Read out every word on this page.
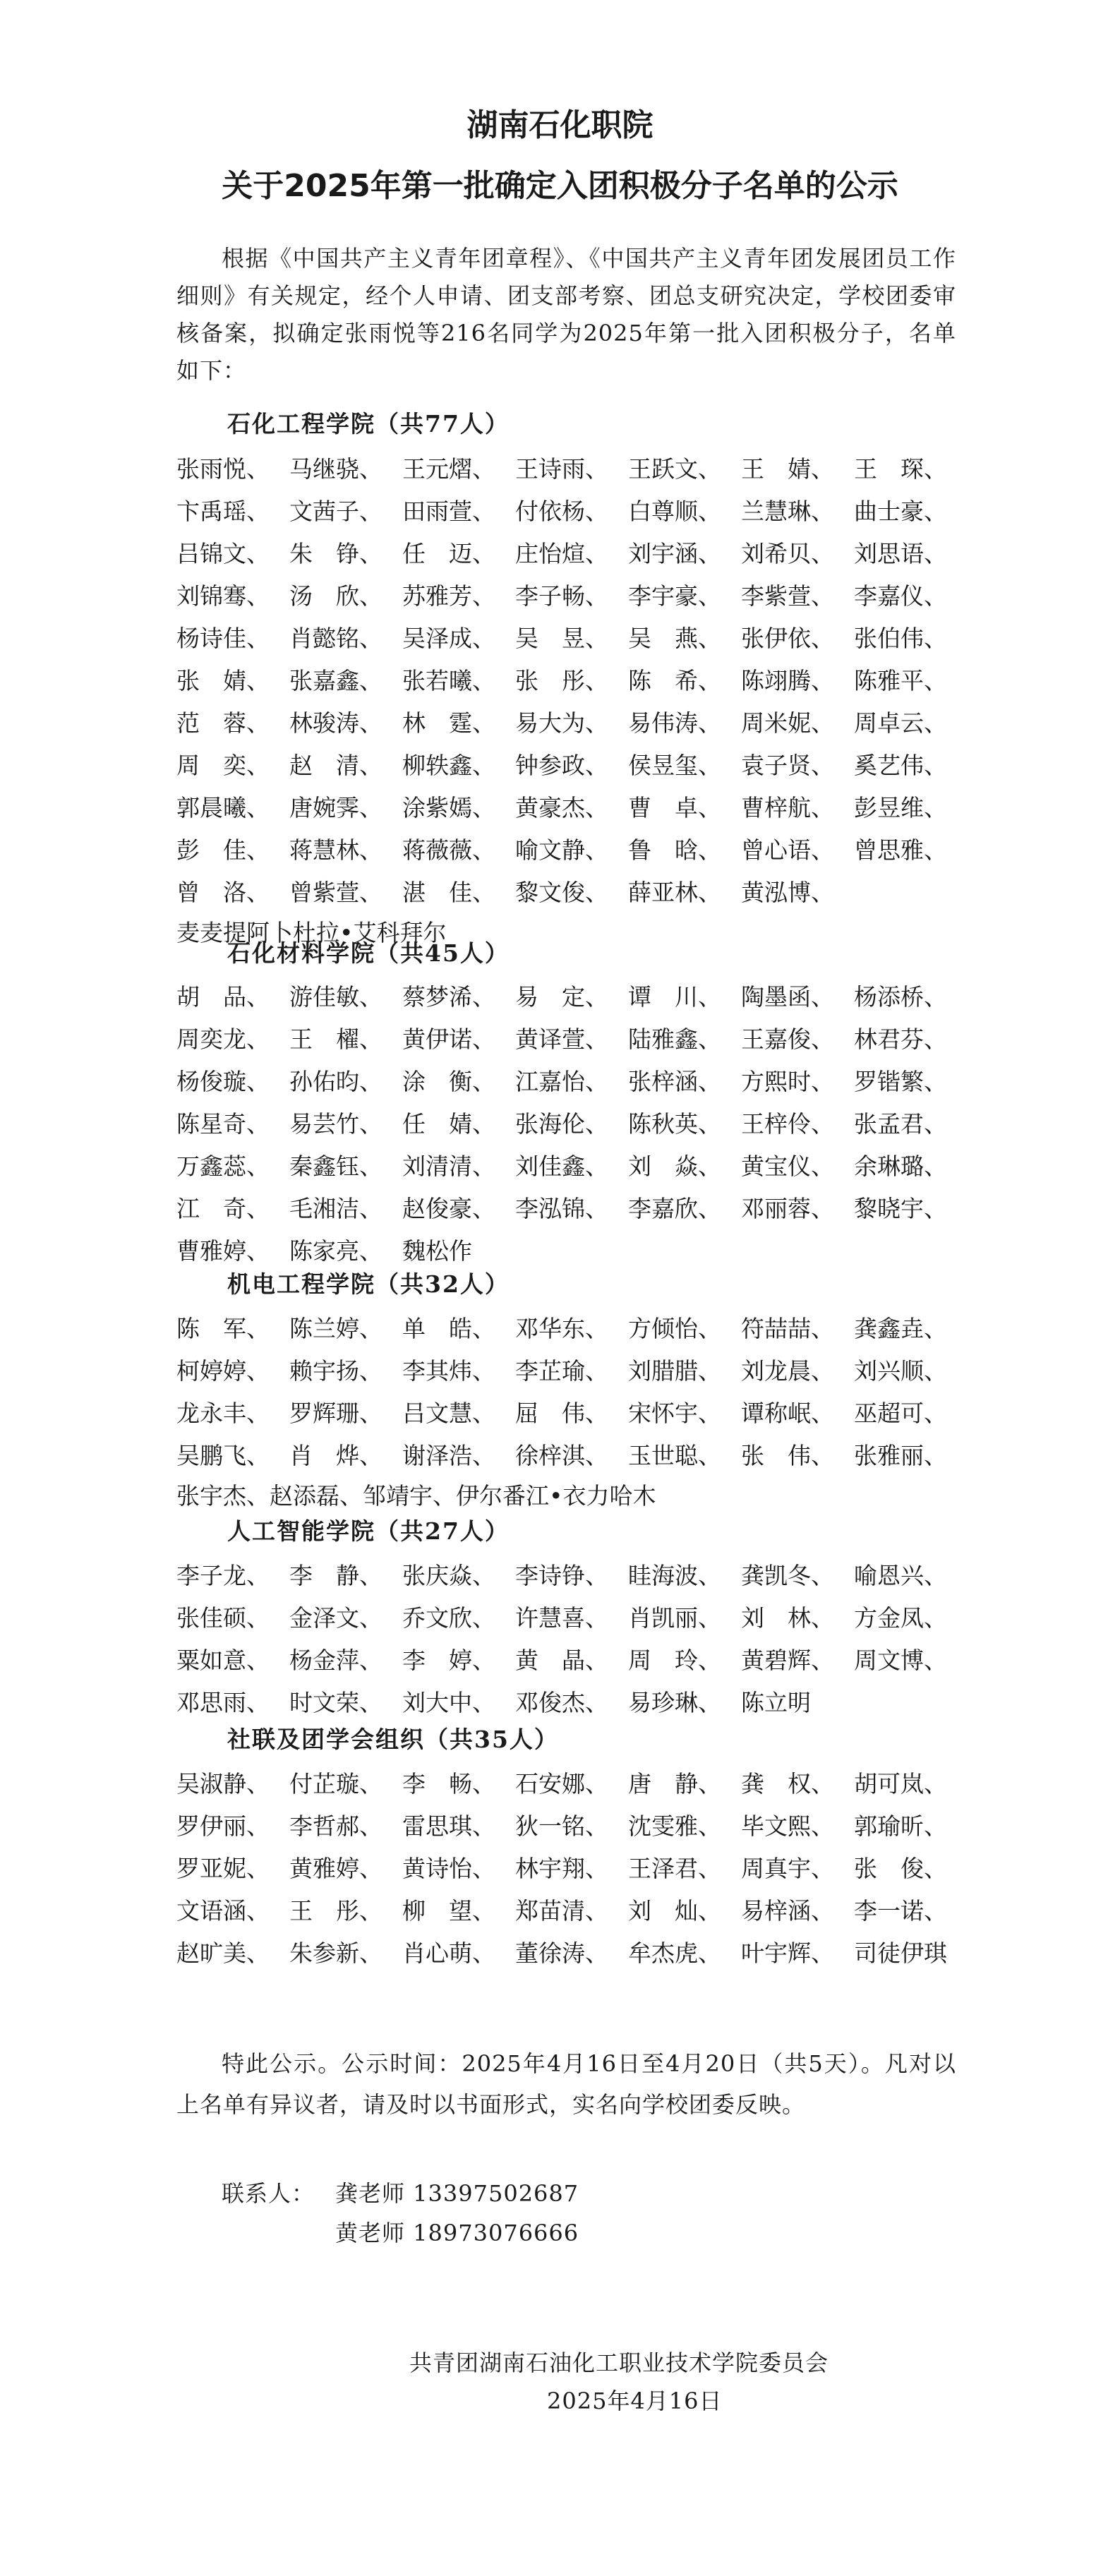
湖南石化职院
关于2025年第一批确定入团积极分子名单的公示
根据《中国共产主义青年团章程》、《中国共产主义青年团发展团员工作细则》有关规定，经个人申请、团支部考察、团总支研究决定，学校团委审核备案，拟确定张雨悦等216名同学为2025年第一批入团积极分子，名单如下：
石化工程学院（共77人）
张雨悦、 马继骁、 王元熠、 王诗雨、 王跃文、 王　婧、 王　琛、
卞禹瑶、 文茜子、 田雨萱、 付依杨、 白尊顺、 兰慧琳、 曲士豪、
吕锦文、 朱　铮、 任　迈、 庄怡煊、 刘宇涵、 刘希贝、 刘思语、
刘锦骞、 汤　欣、 苏雅芳、 李子畅、 李宇豪、 李紫萱、 李嘉仪、
杨诗佳、 肖懿铭、 吴泽成、 吴　昱、 吴　燕、 张伊依、 张伯伟、
张　婧、 张嘉鑫、 张若曦、 张　彤、 陈　希、 陈翊腾、 陈雅平、
范　蓉、 林骏涛、 林　霆、 易大为、 易伟涛、 周米妮、 周卓云、
周　奕、 赵　清、 柳轶鑫、 钟参政、 侯昱玺、 袁子贤、 奚艺伟、
郭晨曦、 唐婉霁、 涂紫嫣、 黄豪杰、 曹　卓、 曹梓航、 彭昱维、
彭　佳、 蒋慧林、 蒋薇薇、 喻文静、 鲁　晗、 曾心语、 曾思雅、
曾　洛、 曾紫萱、 湛　佳、 黎文俊、 薛亚林、 黄泓博、
麦麦提阿卜杜拉•艾科拜尔
石化材料学院（共45人）
胡　品、 游佳敏、 蔡梦浠、 易　定、 谭　川、 陶墨函、 杨添桥、
周奕龙、 王　櫂、 黄伊诺、 黄译萱、 陆雅鑫、 王嘉俊、 林君芬、
杨俊璇、 孙佑昀、 涂　衡、 江嘉怡、 张梓涵、 方熙时、 罗锴繁、
陈星奇、 易芸竹、 任　婧、 张海伦、 陈秋英、 王梓伶、 张孟君、
万鑫蕊、 秦鑫钰、 刘清清、 刘佳鑫、 刘　焱、 黄宝仪、 余琳璐、
江　奇、 毛湘洁、 赵俊豪、 李泓锦、 李嘉欣、 邓丽蓉、 黎晓宇、
曹雅婷、 陈家亮、 魏松作
机电工程学院（共32人）
陈　军、 陈兰婷、 单　皓、 邓华东、 方倾怡、 符喆喆、 龚鑫垚、
柯婷婷、 赖宇扬、 李其炜、 李芷瑜、 刘腊腊、 刘龙晨、 刘兴顺、
龙永丰、 罗辉珊、 吕文慧、 屈　伟、 宋怀宇、 谭称岷、 巫超可、
吴鹏飞、 肖　烨、 谢泽浩、 徐梓淇、 玉世聪、 张　伟、 张雅丽、
张宇杰、赵添磊、邹靖宇、伊尔番江•衣力哈木
人工智能学院（共27人）
李子龙、 李　静、 张庆焱、 李诗铮、 眭海波、 龚凯冬、 喻恩兴、
张佳硕、 金泽文、 乔文欣、 许慧喜、 肖凯丽、 刘　林、 方金凤、
粟如意、 杨金萍、 李　婷、 黄　晶、 周　玲、 黄碧辉、 周文博、
邓思雨、 时文荣、 刘大中、 邓俊杰、 易珍琳、 陈立明
社联及团学会组织（共35人）
吴淑静、 付芷璇、 李　畅、 石安娜、 唐　静、 龚　权、 胡可岚、
罗伊丽、 李哲郝、 雷思琪、 狄一铭、 沈雯雅、 毕文熙、 郭瑜昕、
罗亚妮、 黄雅婷、 黄诗怡、 林宇翔、 王泽君、 周真宇、 张　俊、
文语涵、 王　彤、 柳　望、 郑苗清、 刘　灿、 易梓涵、 李一诺、
赵旷美、 朱参新、 肖心萌、 董徐涛、 牟杰虎、 叶宇辉、 司徒伊琪
特此公示。公示时间：2025年4月16日至4月20日（共5天）。凡对以上名单有异议者，请及时以书面形式，实名向学校团委反映。
联系人： 龚老师 13397502687
黄老师 18973076666
共青团湖南石油化工职业技术学院委员会
2025年4月16日
